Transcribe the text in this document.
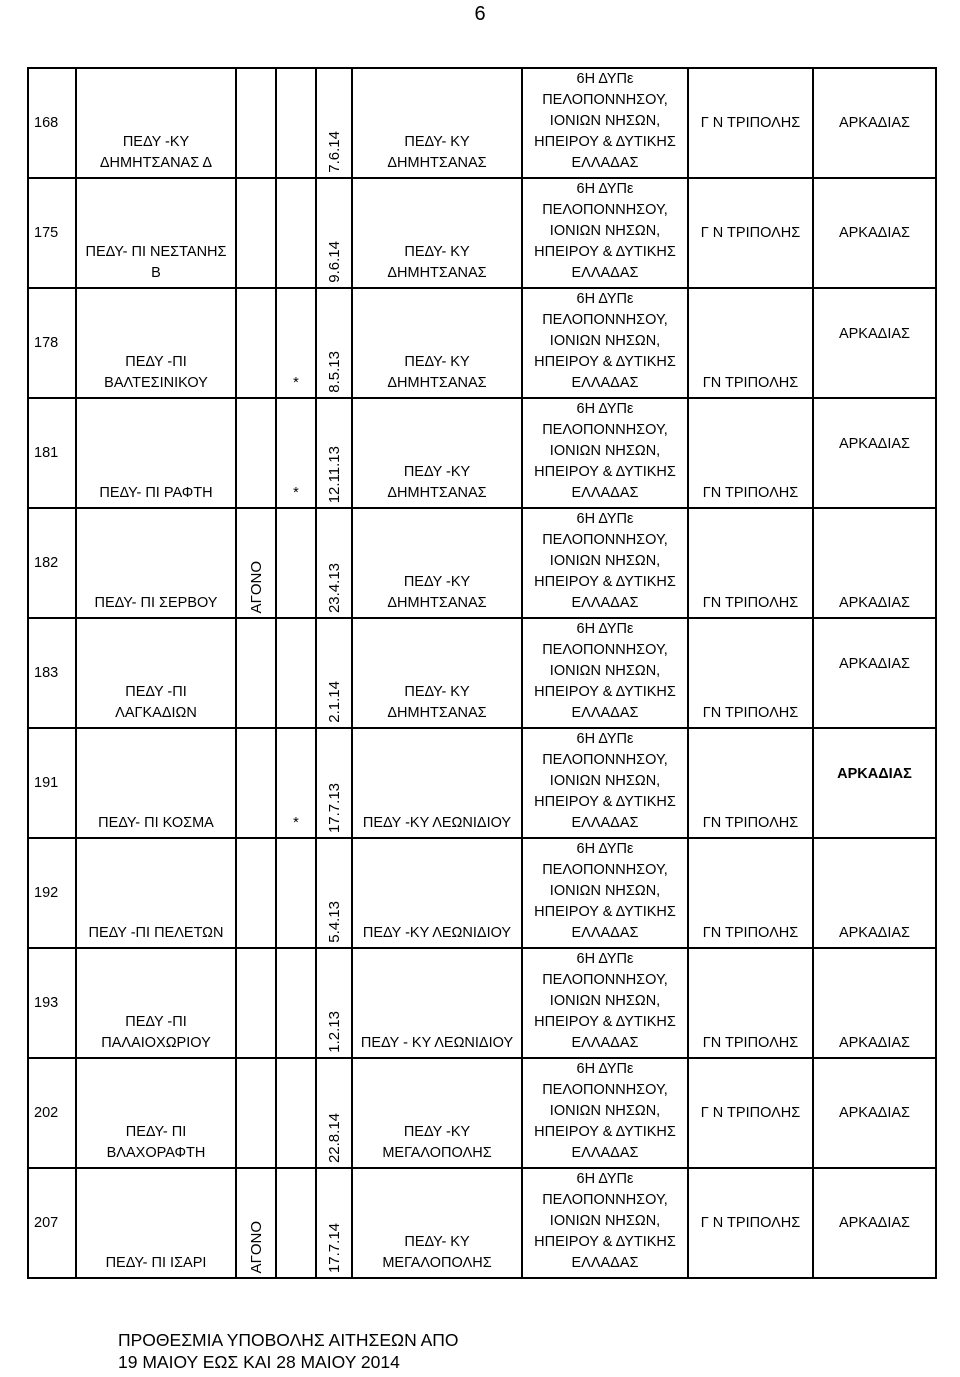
6
168	ΠΕΔΥ -ΚΥ
ΔΗΜΗΤΣΑΝΑΣ Δ			7.6.14	ΠΕΔΥ- ΚΥ ΔΗΜΗΤΣΑΝΑΣ	6Η ΔΥΠε
ΠΕΛΟΠΟΝΝΗΣΟΥ,
ΙΟΝΙΩΝ ΝΗΣΩΝ,
ΗΠΕΙΡΟΥ & ΔΥΤΙΚΗΣ
ΕΛΛΑΔΑΣ	Γ Ν ΤΡΙΠΟΛΗΣ	ΑΡΚΑΔΙΑΣ
175	ΠΕΔΥ- ΠΙ ΝΕΣΤΑΝΗΣ
Β			9.6.14	ΠΕΔΥ- ΚΥ ΔΗΜΗΤΣΑΝΑΣ	6Η ΔΥΠε
ΠΕΛΟΠΟΝΝΗΣΟΥ,
ΙΟΝΙΩΝ ΝΗΣΩΝ,
ΗΠΕΙΡΟΥ & ΔΥΤΙΚΗΣ
ΕΛΛΑΔΑΣ	Γ Ν ΤΡΙΠΟΛΗΣ	ΑΡΚΑΔΙΑΣ
178	ΠΕΔΥ -ΠΙ
ΒΑΛΤΕΣΙΝΙΚΟΥ		*	8.5.13	ΠΕΔΥ- ΚΥ ΔΗΜΗΤΣΑΝΑΣ	6Η ΔΥΠε
ΠΕΛΟΠΟΝΝΗΣΟΥ,
ΙΟΝΙΩΝ ΝΗΣΩΝ,
ΗΠΕΙΡΟΥ & ΔΥΤΙΚΗΣ
ΕΛΛΑΔΑΣ	ΓΝ ΤΡΙΠΟΛΗΣ	ΑΡΚΑΔΙΑΣ
181	ΠΕΔΥ- ΠΙ ΡΑΦΤΗ		*	12.11.13	ΠΕΔΥ -ΚΥ ΔΗΜΗΤΣΑΝΑΣ	6Η ΔΥΠε
ΠΕΛΟΠΟΝΝΗΣΟΥ,
ΙΟΝΙΩΝ ΝΗΣΩΝ,
ΗΠΕΙΡΟΥ & ΔΥΤΙΚΗΣ
ΕΛΛΑΔΑΣ	ΓΝ ΤΡΙΠΟΛΗΣ	ΑΡΚΑΔΙΑΣ
182	ΠΕΔΥ- ΠΙ ΣΕΡΒΟΥ	ΑΓΟΝΟ		23.4.13	ΠΕΔΥ -ΚΥ ΔΗΜΗΤΣΑΝΑΣ	6Η ΔΥΠε
ΠΕΛΟΠΟΝΝΗΣΟΥ,
ΙΟΝΙΩΝ ΝΗΣΩΝ,
ΗΠΕΙΡΟΥ & ΔΥΤΙΚΗΣ
ΕΛΛΑΔΑΣ	ΓΝ ΤΡΙΠΟΛΗΣ	ΑΡΚΑΔΙΑΣ
183	ΠΕΔΥ -ΠΙ
ΛΑΓΚΑΔΙΩΝ			2.1.14	ΠΕΔΥ- ΚΥ ΔΗΜΗΤΣΑΝΑΣ	6Η ΔΥΠε
ΠΕΛΟΠΟΝΝΗΣΟΥ,
ΙΟΝΙΩΝ ΝΗΣΩΝ,
ΗΠΕΙΡΟΥ & ΔΥΤΙΚΗΣ
ΕΛΛΑΔΑΣ	ΓΝ ΤΡΙΠΟΛΗΣ	ΑΡΚΑΔΙΑΣ
191	ΠΕΔΥ- ΠΙ ΚΟΣΜΑ		*	17.7.13	ΠΕΔΥ -ΚΥ ΛΕΩΝΙΔΙΟΥ	6Η ΔΥΠε
ΠΕΛΟΠΟΝΝΗΣΟΥ,
ΙΟΝΙΩΝ ΝΗΣΩΝ,
ΗΠΕΙΡΟΥ & ΔΥΤΙΚΗΣ
ΕΛΛΑΔΑΣ	ΓΝ ΤΡΙΠΟΛΗΣ	ΑΡΚΑΔΙΑΣ
192	ΠΕΔΥ -ΠΙ ΠΕΛΕΤΩΝ			5.4.13	ΠΕΔΥ -ΚΥ ΛΕΩΝΙΔΙΟΥ	6Η ΔΥΠε
ΠΕΛΟΠΟΝΝΗΣΟΥ,
ΙΟΝΙΩΝ ΝΗΣΩΝ,
ΗΠΕΙΡΟΥ & ΔΥΤΙΚΗΣ
ΕΛΛΑΔΑΣ	ΓΝ ΤΡΙΠΟΛΗΣ	ΑΡΚΑΔΙΑΣ
193	ΠΕΔΥ -ΠΙ
ΠΑΛΑΙΟΧΩΡΙΟΥ			1.2.13	ΠΕΔΥ - ΚΥ ΛΕΩΝΙΔΙΟΥ	6Η ΔΥΠε
ΠΕΛΟΠΟΝΝΗΣΟΥ,
ΙΟΝΙΩΝ ΝΗΣΩΝ,
ΗΠΕΙΡΟΥ & ΔΥΤΙΚΗΣ
ΕΛΛΑΔΑΣ	ΓΝ ΤΡΙΠΟΛΗΣ	ΑΡΚΑΔΙΑΣ
202	ΠΕΔΥ- ΠΙ
ΒΛΑΧΟΡΑΦΤΗ			22.8.14	ΠΕΔΥ -ΚΥ
ΜΕΓΑΛΟΠΟΛΗΣ	6Η ΔΥΠε
ΠΕΛΟΠΟΝΝΗΣΟΥ,
ΙΟΝΙΩΝ ΝΗΣΩΝ,
ΗΠΕΙΡΟΥ & ΔΥΤΙΚΗΣ
ΕΛΛΑΔΑΣ	Γ Ν ΤΡΙΠΟΛΗΣ	ΑΡΚΑΔΙΑΣ
207	ΠΕΔΥ- ΠΙ ΙΣΑΡΙ	ΑΓΟΝΟ		17.7.14	ΠΕΔΥ- ΚΥ
ΜΕΓΑΛΟΠΟΛΗΣ	6Η ΔΥΠε
ΠΕΛΟΠΟΝΝΗΣΟΥ,
ΙΟΝΙΩΝ ΝΗΣΩΝ,
ΗΠΕΙΡΟΥ & ΔΥΤΙΚΗΣ
ΕΛΛΑΔΑΣ	Γ Ν ΤΡΙΠΟΛΗΣ	ΑΡΚΑΔΙΑΣ
ΠΡΟΘΕΣΜΙΑ ΥΠΟΒΟΛΗΣ ΑΙΤΗΣΕΩΝ ΑΠΟ
19 ΜΑΙΟΥ ΕΩΣ ΚΑΙ 28 ΜΑΙΟΥ 2014
